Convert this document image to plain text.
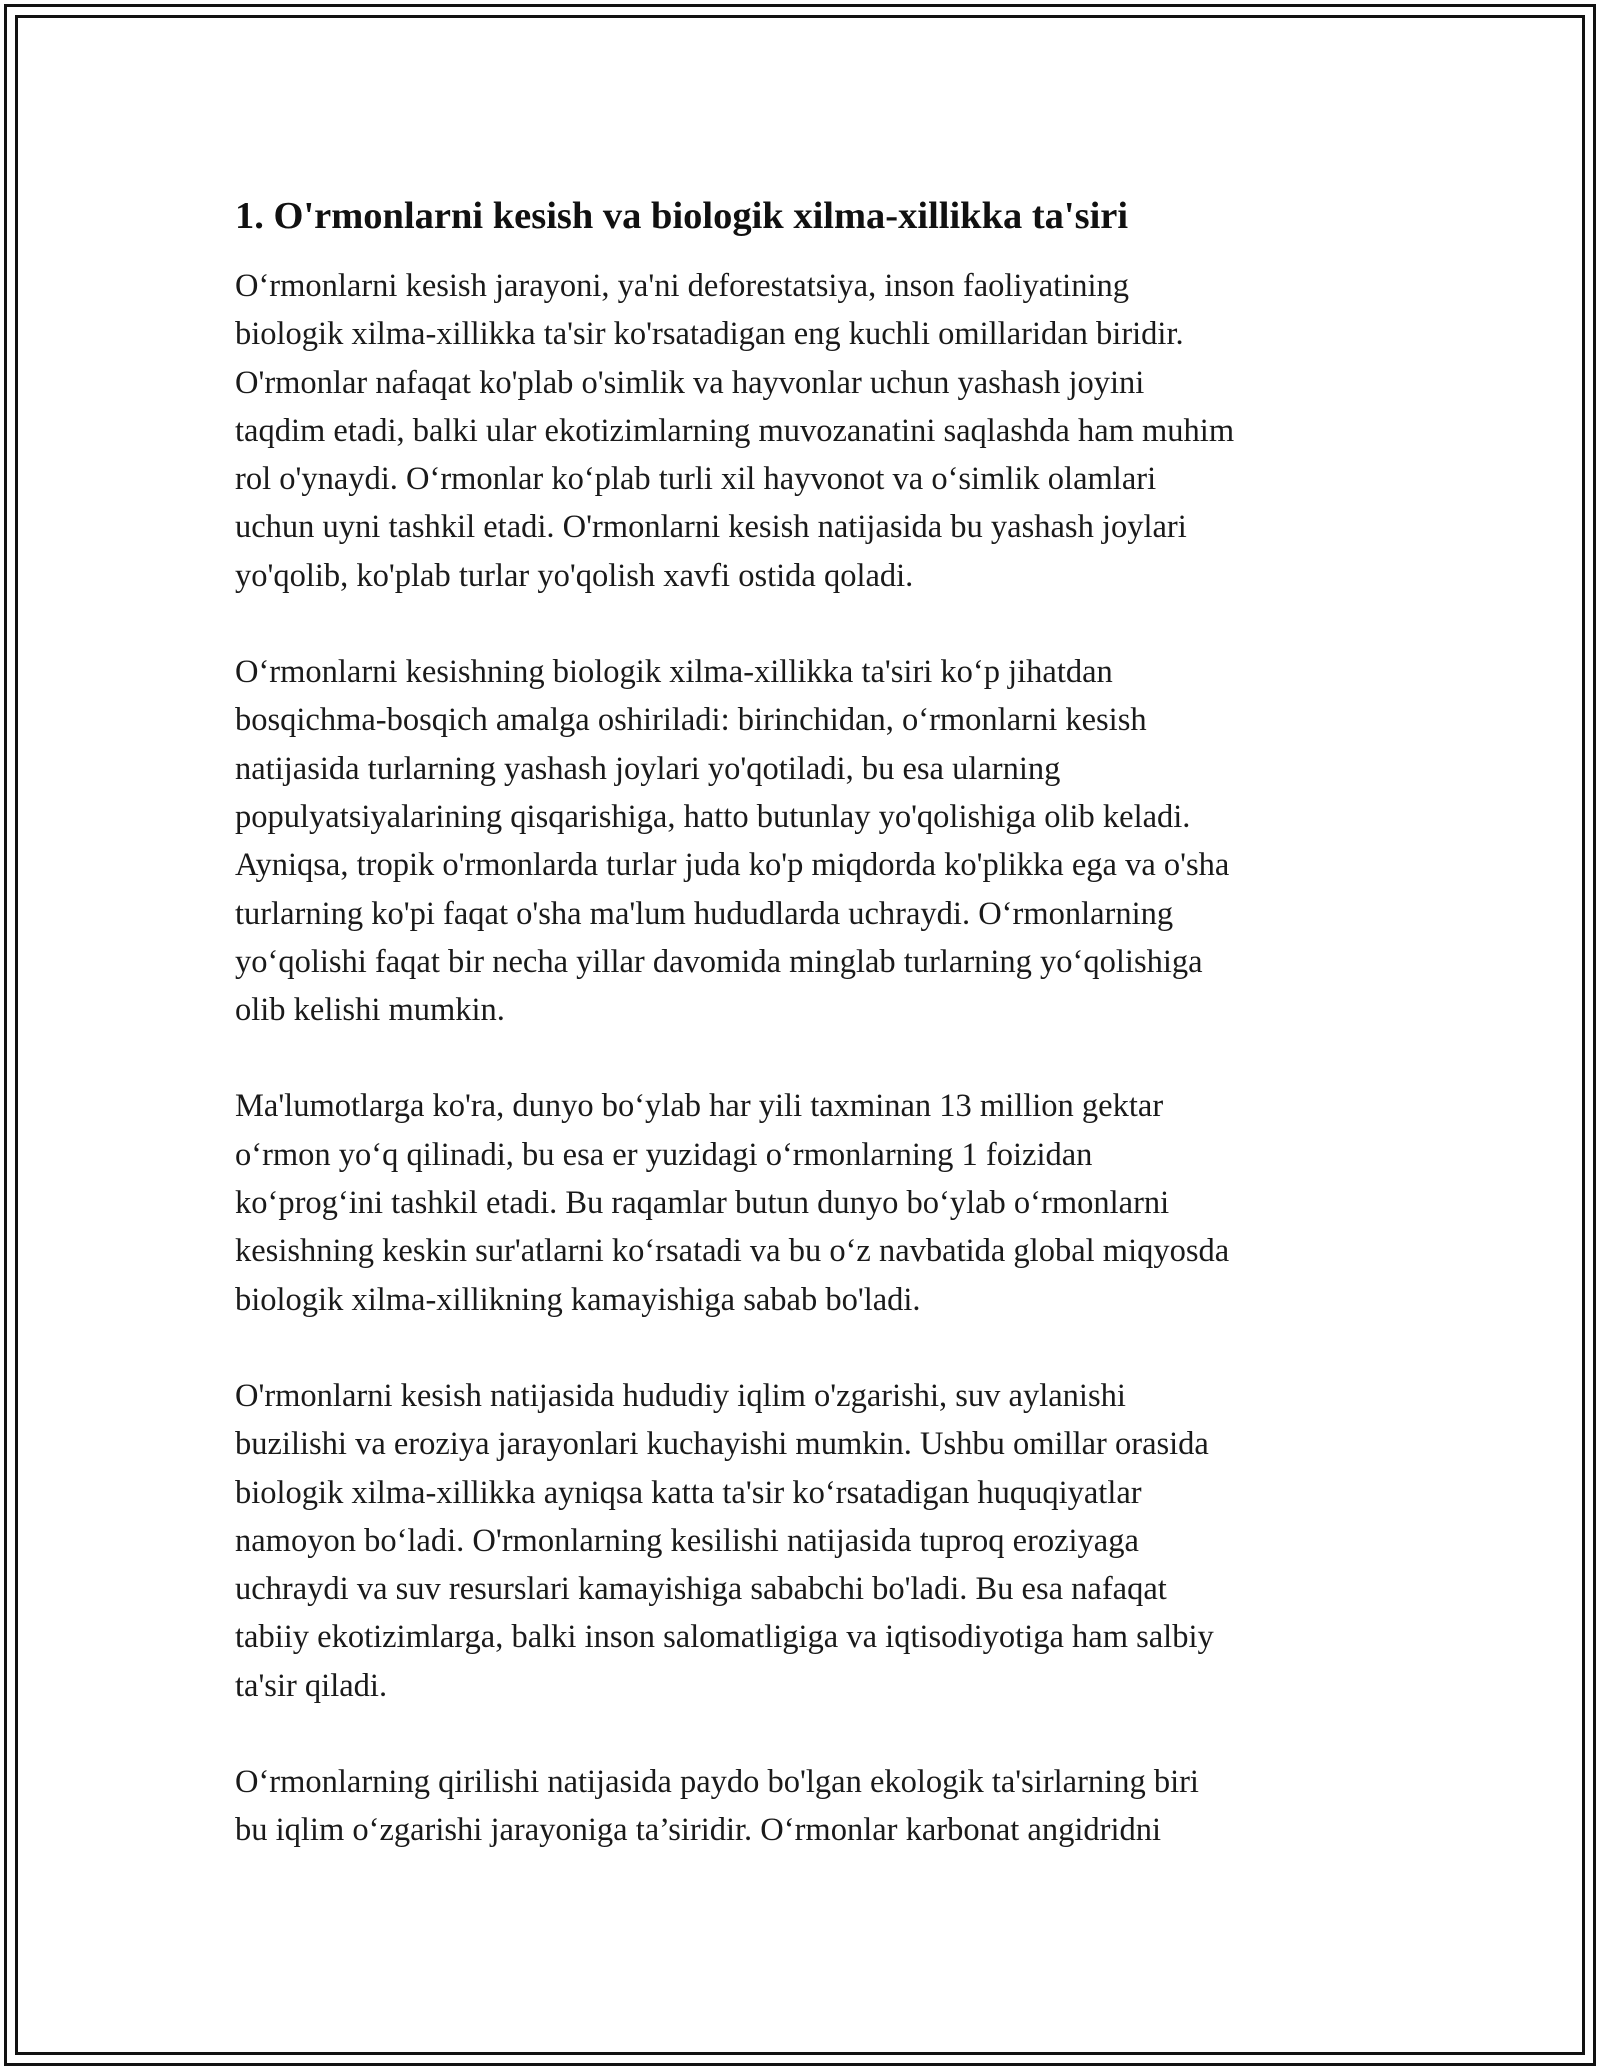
1. O'rmonlarni kesish va biologik xilma-xillikka ta'siri

O‘rmonlarni kesish jarayoni, ya'ni deforestatsiya, inson faoliyatining
biologik xilma-xillikka ta'sir ko'rsatadigan eng kuchli omillaridan biridir.
O'rmonlar nafaqat ko'plab o'simlik va hayvonlar uchun yashash joyini
taqdim etadi, balki ular ekotizimlarning muvozanatini saqlashda ham muhim
rol o'ynaydi. O‘rmonlar ko‘plab turli xil hayvonot va o‘simlik olamlari
uchun uyni tashkil etadi. O'rmonlarni kesish natijasida bu yashash joylari
yo'qolib, ko'plab turlar yo'qolish xavfi ostida qoladi.

O‘rmonlarni kesishning biologik xilma-xillikka ta'siri ko‘p jihatdan
bosqichma-bosqich amalga oshiriladi: birinchidan, o‘rmonlarni kesish
natijasida turlarning yashash joylari yo'qotiladi, bu esa ularning
populyatsiyalarining qisqarishiga, hatto butunlay yo'qolishiga olib keladi.
Ayniqsa, tropik o'rmonlarda turlar juda ko'p miqdorda ko'plikka ega va o'sha
turlarning ko'pi faqat o'sha ma'lum hududlarda uchraydi. O‘rmonlarning
yo‘qolishi faqat bir necha yillar davomida minglab turlarning yo‘qolishiga
olib kelishi mumkin.

Ma'lumotlarga ko'ra, dunyo bo‘ylab har yili taxminan 13 million gektar
o‘rmon yo‘q qilinadi, bu esa er yuzidagi o‘rmonlarning 1 foizidan
ko‘prog‘ini tashkil etadi. Bu raqamlar butun dunyo bo‘ylab o‘rmonlarni
kesishning keskin sur'atlarni ko‘rsatadi va bu o‘z navbatida global miqyosda
biologik xilma-xillikning kamayishiga sabab bo'ladi.

O'rmonlarni kesish natijasida hududiy iqlim o'zgarishi, suv aylanishi
buzilishi va eroziya jarayonlari kuchayishi mumkin. Ushbu omillar orasida
biologik xilma-xillikka ayniqsa katta ta'sir ko‘rsatadigan huquqiyatlar
namoyon bo‘ladi. O'rmonlarning kesilishi natijasida tuproq eroziyaga
uchraydi va suv resurslari kamayishiga sababchi bo'ladi. Bu esa nafaqat
tabiiy ekotizimlarga, balki inson salomatligiga va iqtisodiyotiga ham salbiy
ta'sir qiladi.

O‘rmonlarning qirilishi natijasida paydo bo'lgan ekologik ta'sirlarning biri
bu iqlim o‘zgarishi jarayoniga ta’siridir. O‘rmonlar karbonat angidridni
